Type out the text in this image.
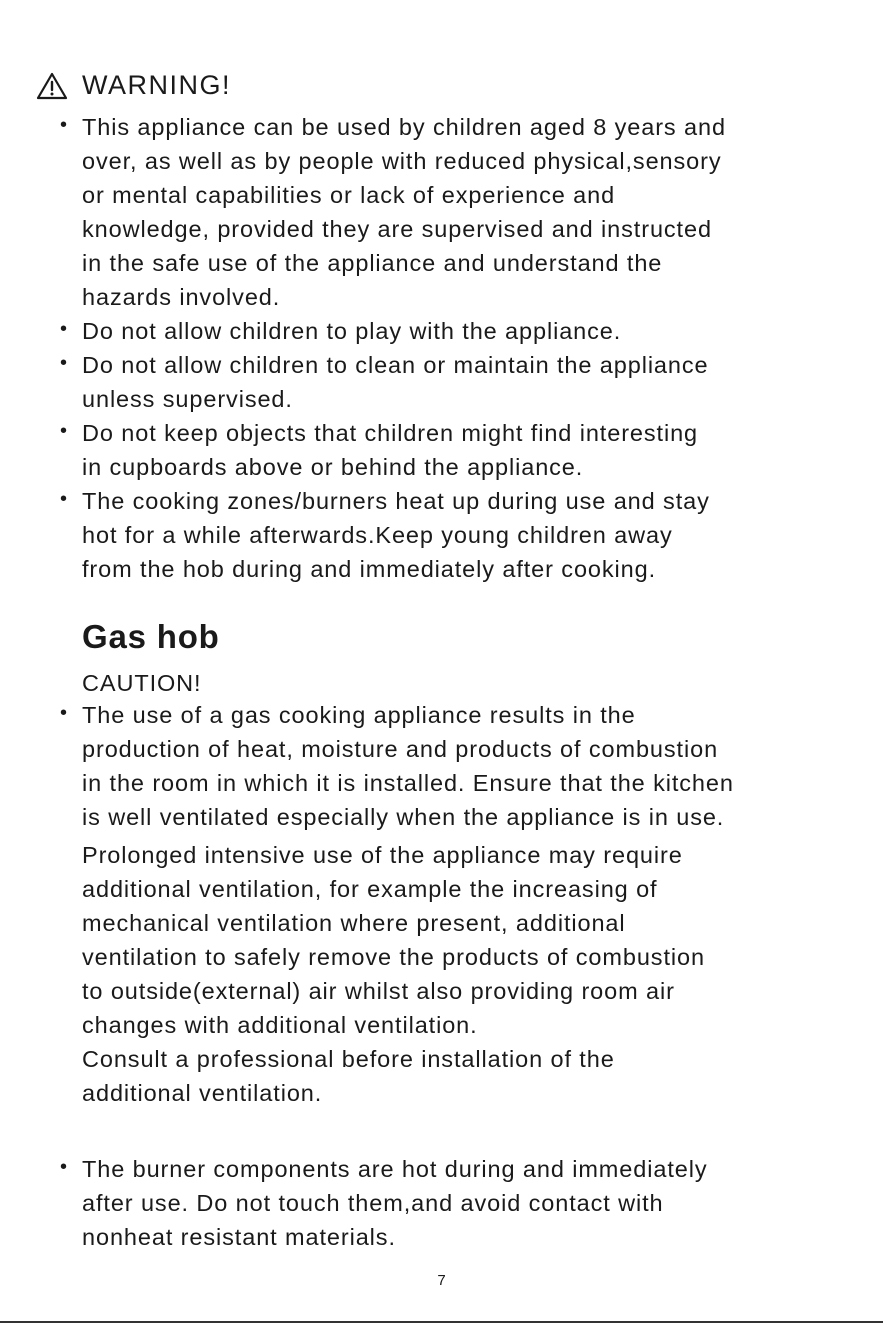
WARNING!
• This appliance can be used by children aged 8 years and
over, as well as by people with reduced physical,sensory
or mental capabilities or lack of experience and
knowledge, provided they are supervised and instructed
in the safe use of the appliance and understand the
hazards involved.
• Do not allow children to play with the appliance.
• Do not allow children to clean or maintain the appliance
unless supervised.
• Do not keep objects that children might find interesting
in cupboards above or behind the appliance.
• The cooking zones/burners heat up during use and stay
hot for a while afterwards.Keep young children away
from the hob during and immediately after cooking.
Gas hob
CAUTION!
• The use of a gas cooking appliance results in the
production of heat, moisture and products of combustion
in the room in which it is installed. Ensure that the kitchen
is well ventilated especially when the appliance is in use.
Prolonged intensive use of the appliance may require
additional ventilation, for example the increasing of
mechanical ventilation where present, additional
ventilation to safely remove the products of combustion
to outside(external) air whilst also providing room air
changes with additional ventilation.
Consult a professional before installation of the
additional ventilation.
• The burner components are hot during and immediately
after use. Do not touch them,and avoid contact with
nonheat resistant materials.
7
